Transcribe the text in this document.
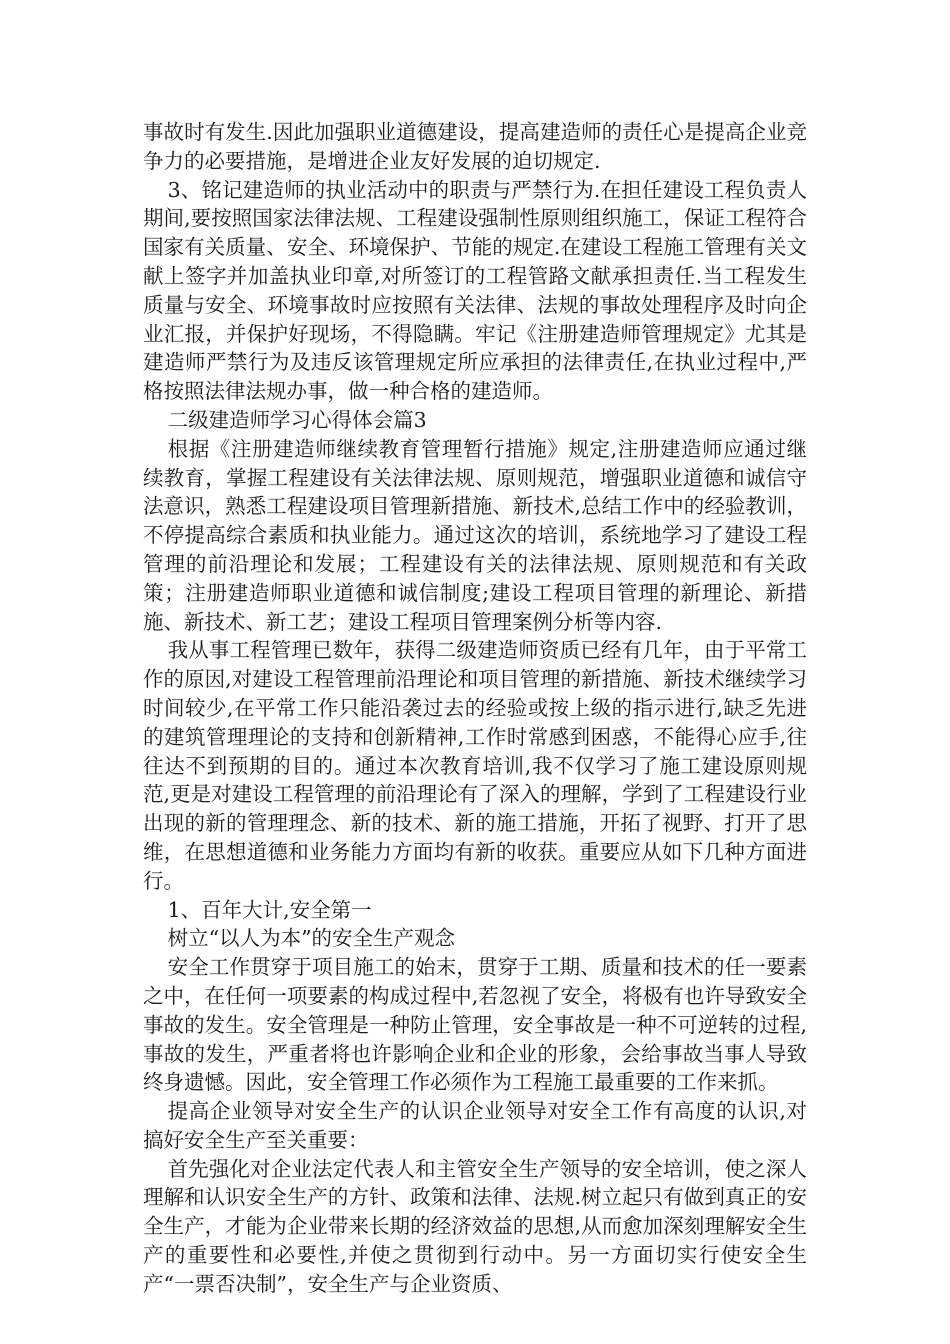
事故时有发生.因此加强职业道德建设，提高建造师的责任心是提高企业竞争力的必要措施，是增进企业友好发展的迫切规定.

3、铭记建造师的执业活动中的职责与严禁行为.在担任建设工程负责人期间,要按照国家法律法规、工程建设强制性原则组织施工，保证工程符合国家有关质量、安全、环境保护、节能的规定.在建设工程施工管理有关文献上签字并加盖执业印章,对所签订的工程管路文献承担责任.当工程发生质量与安全、环境事故时应按照有关法律、法规的事故处理程序及时向企业汇报，并保护好现场，不得隐瞒。牢记《注册建造师管理规定》尤其是建造师严禁行为及违反该管理规定所应承担的法律责任,在执业过程中,严格按照法律法规办事，做一种合格的建造师。

二级建造师学习心得体会篇3

根据《注册建造师继续教育管理暂行措施》规定,注册建造师应通过继续教育，掌握工程建设有关法律法规、原则规范，增强职业道德和诚信守法意识，熟悉工程建设项目管理新措施、新技术,总结工作中的经验教训，不停提高综合素质和执业能力。通过这次的培训，系统地学习了建设工程管理的前沿理论和发展；工程建设有关的法律法规、原则规范和有关政策；注册建造师职业道德和诚信制度;建设工程项目管理的新理论、新措施、新技术、新工艺；建设工程项目管理案例分析等内容.

我从事工程管理已数年，获得二级建造师资质已经有几年，由于平常工作的原因,对建设工程管理前沿理论和项目管理的新措施、新技术继续学习时间较少,在平常工作只能沿袭过去的经验或按上级的指示进行,缺乏先进的建筑管理理论的支持和创新精神,工作时常感到困惑，不能得心应手,往往达不到预期的目的。通过本次教育培训,我不仅学习了施工建设原则规范,更是对建设工程管理的前沿理论有了深入的理解，学到了工程建设行业出现的新的管理理念、新的技术、新的施工措施，开拓了视野、打开了思维，在思想道德和业务能力方面均有新的收获。重要应从如下几种方面进行。

1、百年大计,安全第一

树立“以人为本”的安全生产观念

安全工作贯穿于项目施工的始末，贯穿于工期、质量和技术的任一要素之中，在任何一项要素的构成过程中,若忽视了安全，将极有也许导致安全事故的发生。安全管理是一种防止管理，安全事故是一种不可逆转的过程,事故的发生，严重者将也许影响企业和企业的形象，会给事故当事人导致终身遗憾。因此，安全管理工作必须作为工程施工最重要的工作来抓。

提高企业领导对安全生产的认识企业领导对安全工作有高度的认识,对搞好安全生产至关重要：

首先强化对企业法定代表人和主管安全生产领导的安全培训，使之深人理解和认识安全生产的方针、政策和法律、法规.树立起只有做到真正的安全生产，才能为企业带来长期的经济效益的思想,从而愈加深刻理解安全生产的重要性和必要性,并使之贯彻到行动中。另一方面切实行使安全生产“一票否决制”，安全生产与企业资质、
